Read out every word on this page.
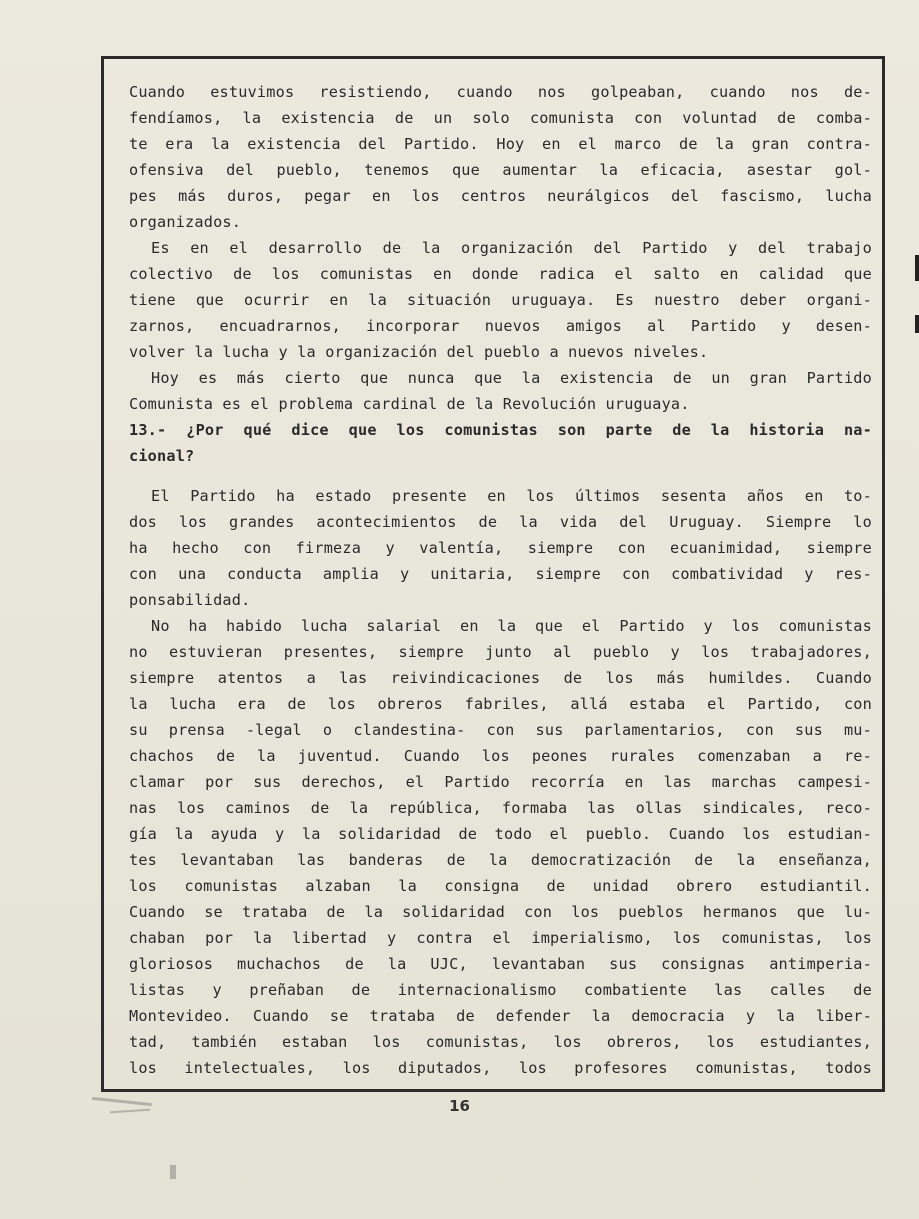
Cuando estuvimos resistiendo, cuando nos golpeaban, cuando nos de-
fendíamos, la existencia de un solo comunista con voluntad de comba-
te era la existencia del Partido. Hoy en el marco de la gran contra-
ofensiva del pueblo, tenemos que aumentar la eficacia, asestar gol-
pes más duros, pegar en los centros neurálgicos del fascismo, lucha
organizados.
Es en el desarrollo de la organización del Partido y del trabajo
colectivo de los comunistas en donde radica el salto en calidad que
tiene que ocurrir en la situación uruguaya. Es nuestro deber organi-
zarnos, encuadrarnos, incorporar nuevos amigos al Partido y desen-
volver la lucha y la organización del pueblo a nuevos niveles.
Hoy es más cierto que nunca que la existencia de un gran Partido
Comunista es el problema cardinal de la Revolución uruguaya.
13.- ¿Por qué dice que los comunistas son parte de la historia na-
cional?
El Partido ha estado presente en los últimos sesenta años en to-
dos los grandes acontecimientos de la vida del Uruguay. Siempre lo
ha hecho con firmeza y valentía, siempre con ecuanimidad, siempre
con una conducta amplia y unitaria, siempre con combatividad y res-
ponsabilidad.
No ha habido lucha salarial en la que el Partido y los comunistas
no estuvieran presentes, siempre junto al pueblo y los trabajadores,
siempre atentos a las reivindicaciones de los más humildes. Cuando
la lucha era de los obreros fabriles, allá estaba el Partido, con
su prensa -legal o clandestina- con sus parlamentarios, con sus mu-
chachos de la juventud. Cuando los peones rurales comenzaban a re-
clamar por sus derechos, el Partido recorría en las marchas campesi-
nas los caminos de la república, formaba las ollas sindicales, reco-
gía la ayuda y la solidaridad de todo el pueblo. Cuando los estudian-
tes levantaban las banderas de la democratización de la enseñanza,
los comunistas alzaban la consigna de unidad obrero estudiantil.
Cuando se trataba de la solidaridad con los pueblos hermanos que lu-
chaban por la libertad y contra el imperialismo, los comunistas, los
gloriosos muchachos de la UJC, levantaban sus consignas antimperia-
listas y preñaban de internacionalismo combatiente las calles de
Montevideo. Cuando se trataba de defender la democracia y la liber-
tad, también estaban los comunistas, los obreros, los estudiantes,
los intelectuales, los diputados, los profesores comunistas, todos
16
